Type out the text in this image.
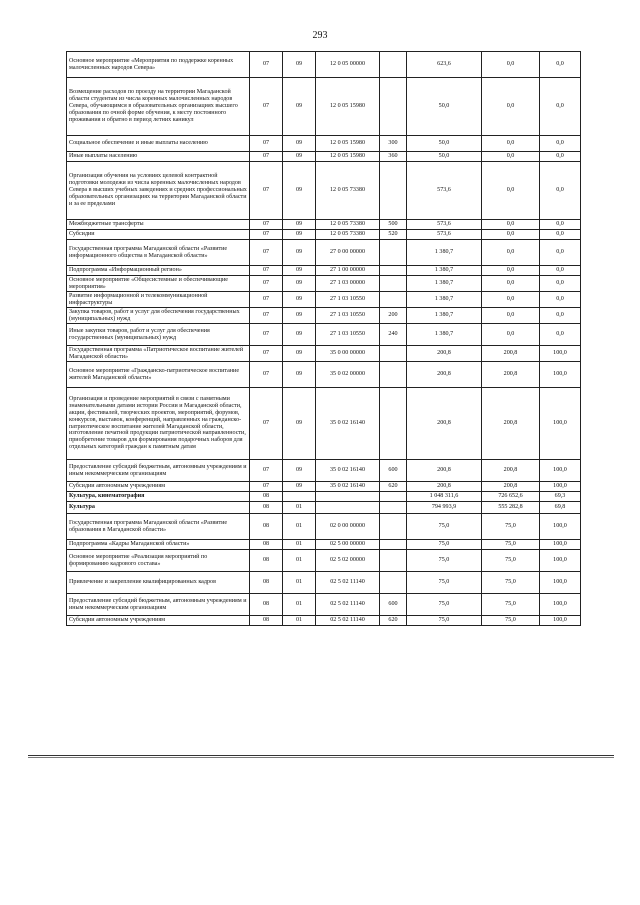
293
Основное мероприятие «Мероприятия по поддержке коренных малочисленных народов Севера»	07	09	12 0 05 00000		623,6	0,0	0,0
Возмещение расходов по проезду на территории Магаданской области студентам из числа коренных малочисленных народов Севера, обучающимся в образовательных организациях высшего образования по очной форме обучения, к месту постоянного проживания и обратно в период летних каникул	07	09	12 0 05 15980		50,0	0,0	0,0
Социальное обеспечение и иные выплаты населению	07	09	12 0 05 15980	300	50,0	0,0	0,0
Иные выплаты населению	07	09	12 0 05 15980	360	50,0	0,0	0,0
Организация обучения на условиях целевой контрактной подготовки молодежи из числа коренных малочисленных народов Севера в высших учебных заведениях и средних профессиональных образовательных организациях на территории Магаданской области и за ее пределами	07	09	12 0 05 73380		573,6	0,0	0,0
Межбюджетные трансферты	07	09	12 0 05 73380	500	573,6	0,0	0,0
Субсидии	07	09	12 0 05 73380	520	573,6	0,0	0,0
Государственная программа Магаданской области «Развитие информационного общества в Магаданской области»	07	09	27 0 00 00000		1 380,7	0,0	0,0
Подпрограмма «Информационный регион»	07	09	27 1 00 00000		1 380,7	0,0	0,0
Основное мероприятие «Общесистемные и обеспечивающие мероприятия»	07	09	27 1 03 00000		1 380,7	0,0	0,0
Развитие информационной и телекоммуникационной инфраструктуры	07	09	27 1 03 10550		1 380,7	0,0	0,0
Закупка товаров, работ и услуг для обеспечения государственных (муниципальных) нужд	07	09	27 1 03 10550	200	1 380,7	0,0	0,0
Иные закупки товаров, работ и услуг для обеспечения государственных (муниципальных) нужд	07	09	27 1 03 10550	240	1 380,7	0,0	0,0
Государственная программа «Патриотическое воспитание жителей Магаданской области»	07	09	35 0 00 00000		200,8	200,8	100,0
Основное мероприятие «Гражданско-патриотическое воспитание жителей Магаданской области»	07	09	35 0 02 00000		200,8	200,8	100,0
Организация и проведение мероприятий в связи с памятными знаменательными датами истории России и Магаданской области, акции, фестивалей, творческих проектов, мероприятий, форумов, конкурсов, выставок, конференций, направленных на гражданско-патриотическое воспитание жителей Магаданской области, изготовление печатной продукции патриотической направленности, приобретение товаров для формирования подарочных наборов для отдельных категорий граждан к памятным датам	07	09	35 0 02 16140		200,8	200,8	100,0
Предоставление субсидий бюджетным, автономным учреждениям и иным некоммерческим организациям	07	09	35 0 02 16140	600	200,8	200,8	100,0
Субсидии автономным учреждениям	07	09	35 0 02 16140	620	200,8	200,8	100,0
Культура, кинематография	08				1 048 311,6	726 652,6	69,3
Культура	08	01			794 993,9	555 282,8	69,8
Государственная программа Магаданской области «Развитие образования в Магаданской области»	08	01	02 0 00 00000		75,0	75,0	100,0
Подпрограмма «Кадры Магаданской области»	08	01	02 5 00 00000		75,0	75,0	100,0
Основное мероприятие «Реализация мероприятий по формированию кадрового состава»	08	01	02 5 02 00000		75,0	75,0	100,0
Привлечение и закрепление квалифицированных кадров	08	01	02 5 02 11140		75,0	75,0	100,0
Предоставление субсидий бюджетным, автономным учреждениям и иным некоммерческим организациям	08	01	02 5 02 11140	600	75,0	75,0	100,0
Субсидии автономным учреждениям	08	01	02 5 02 11140	620	75,0	75,0	100,0
